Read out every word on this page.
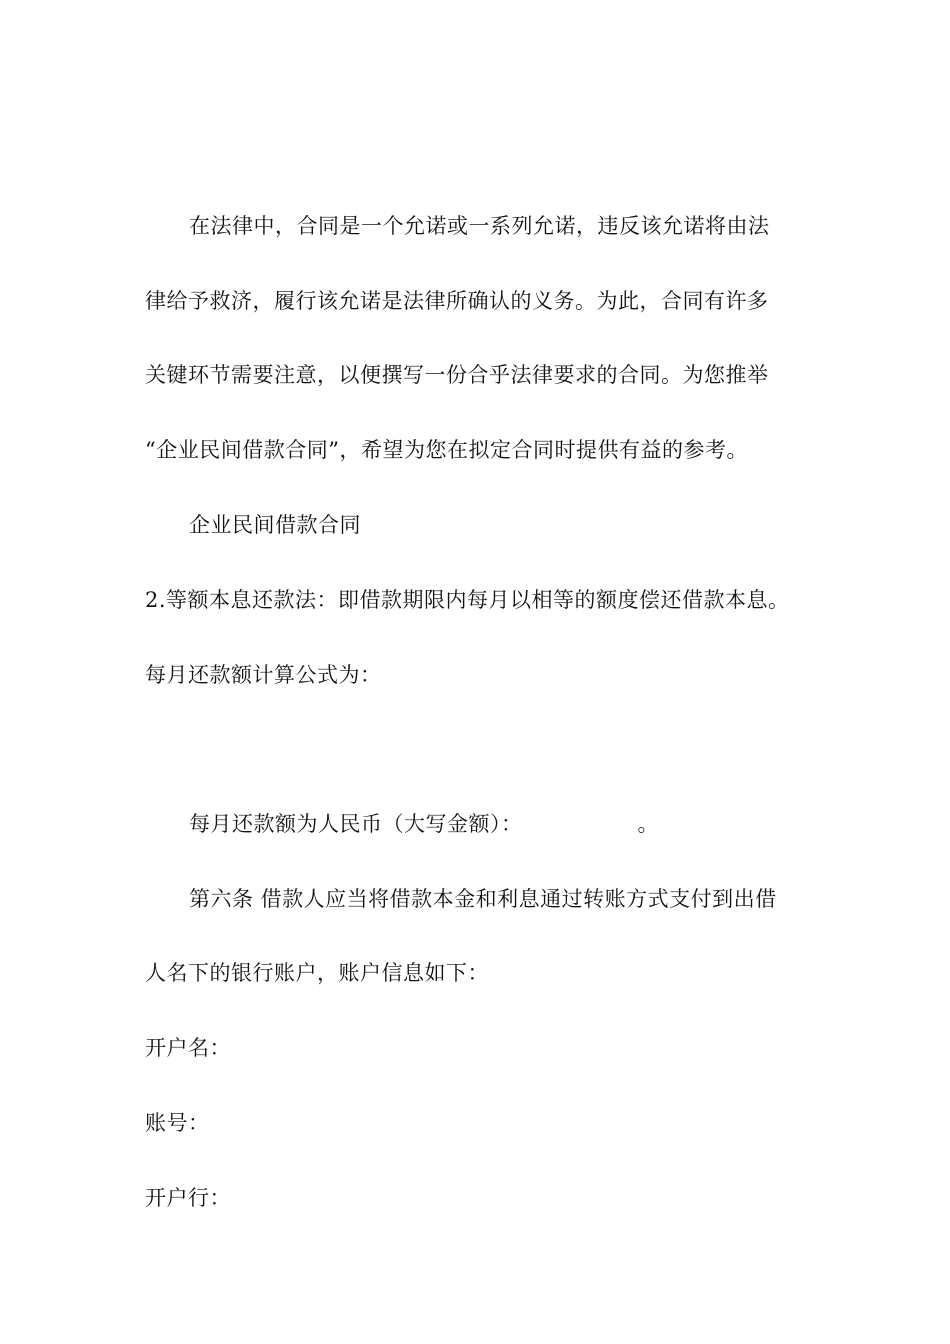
在法律中，合同是一个允诺或一系列允诺，违反该允诺将由法
律给予救济，履行该允诺是法律所确认的义务。为此，合同有许多
关键环节需要注意，以便撰写一份合乎法律要求的合同。为您推举
“企业民间借款合同”，希望为您在拟定合同时提供有益的参考。
企业民间借款合同
2.等额本息还款法：即借款期限内每月以相等的额度偿还借款本息。
每月还款额计算公式为：
每月还款额为人民币（大写金额）：	。
第六条 借款人应当将借款本金和利息通过转账方式支付到出借
人名下的银行账户，账户信息如下：
开户名：
账号：
开户行：
